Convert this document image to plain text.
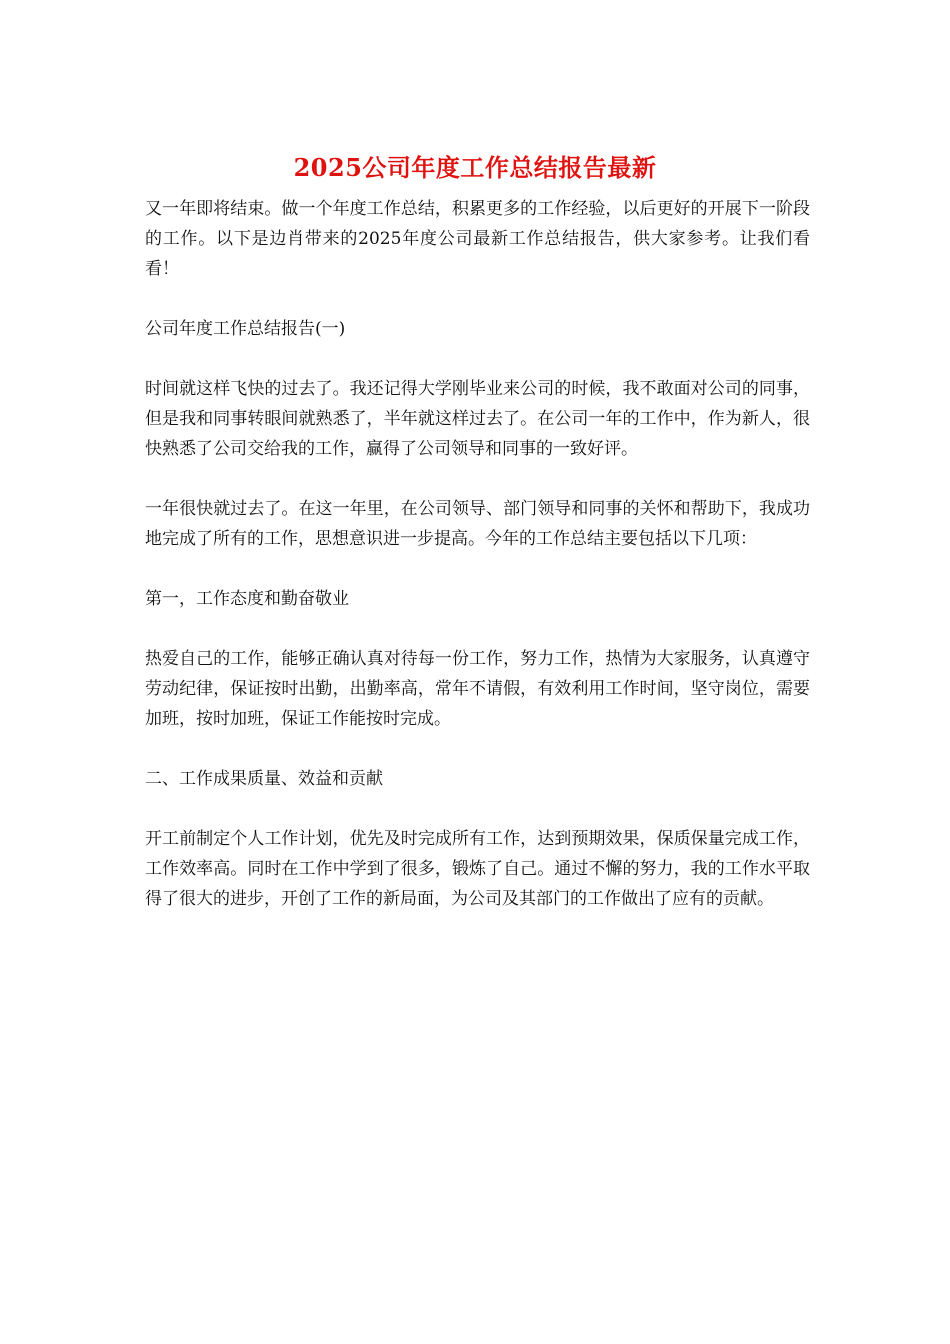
2025公司年度工作总结报告最新

又一年即将结束。做一个年度工作总结，积累更多的工作经验，以后更好的开展下一阶段的工作。以下是边肖带来的2025年度公司最新工作总结报告，供大家参考。让我们看看！

公司年度工作总结报告(一)

时间就这样飞快的过去了。我还记得大学刚毕业来公司的时候，我不敢面对公司的同事，但是我和同事转眼间就熟悉了，半年就这样过去了。在公司一年的工作中，作为新人，很快熟悉了公司交给我的工作，赢得了公司领导和同事的一致好评。

一年很快就过去了。在这一年里，在公司领导、部门领导和同事的关怀和帮助下，我成功地完成了所有的工作，思想意识进一步提高。今年的工作总结主要包括以下几项：

第一，工作态度和勤奋敬业

热爱自己的工作，能够正确认真对待每一份工作，努力工作，热情为大家服务，认真遵守劳动纪律，保证按时出勤，出勤率高，常年不请假，有效利用工作时间，坚守岗位，需要加班，按时加班，保证工作能按时完成。

二、工作成果质量、效益和贡献

开工前制定个人工作计划，优先及时完成所有工作，达到预期效果，保质保量完成工作，工作效率高。同时在工作中学到了很多，锻炼了自己。通过不懈的努力，我的工作水平取得了很大的进步，开创了工作的新局面，为公司及其部门的工作做出了应有的贡献。
